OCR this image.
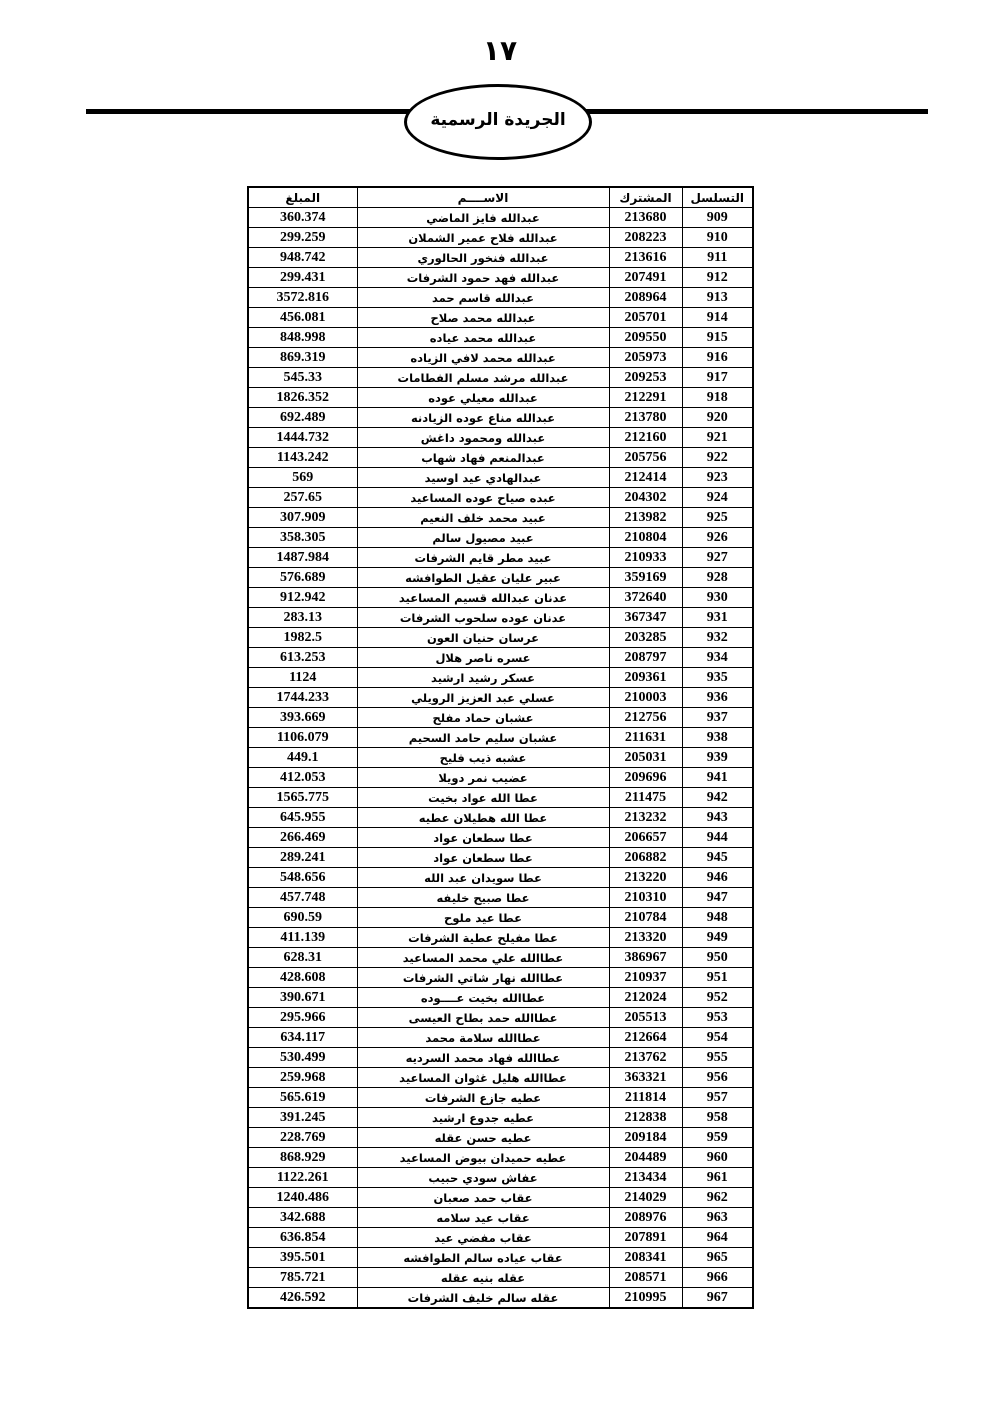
١٧
الجريدة الرسمية
التسلسل	المشترك	الاســــم	المبلغ
909	213680	عبدالله فايز الماضي	360.374
910	208223	عبدالله فلاح عمير الشملان	299.259
911	213616	عبدالله فنخور الحالوري	948.742
912	207491	عبدالله فهد حمود الشرفات	299.431
913	208964	عبدالله قاسم حمد	3572.816
914	205701	عبدالله محمد صلاح	456.081
915	209550	عبدالله محمد عياده	848.998
916	205973	عبدالله محمد لافي الزياده	869.319
917	209253	عبدالله مرشد مسلم الفطامات	545.33
918	212291	عبدالله معيلي عوده	1826.352
920	213780	عبدالله مناع عوده الزيادنه	692.489
921	212160	عبدالله ومحمود داغش	1444.732
922	205756	عبدالمنعم فهاد شهاب	1143.242
923	212414	عبدالهادي عيد اوسيد	569
924	204302	عبده صياح عوده المساعيد	257.65
925	213982	عبيد محمد خلف النعيم	307.909
926	210804	عبيد مصيول سالم	358.305
927	210933	عبيد مطر قايم الشرفات	1487.984
928	359169	عبير عليان عقيل الطوافشه	576.689
930	372640	عدنان عبدالله قسيم المساعيد	912.942
931	367347	عدنان عوده سلحوب الشرفات	283.13
932	203285	عرسان حنيان العون	1982.5
934	208797	عسره ناصر هلال	613.253
935	209361	عسكر رشيد ارشيد	1124
936	210003	عسلي عبد العزيز الرويلي	1744.233
937	212756	عشبان حماد مفلح	393.669
938	211631	عشبان سليم حامد السحيم	1106.079
939	205031	عشبه ذيب فليح	449.1
941	209696	عضيب نمر دويلا	412.053
942	211475	عطا الله عواد بخيت	1565.775
943	213232	عطا الله هطيلان عطيه	645.955
944	206657	عطا سطعان عواد	266.469
945	206882	عطا سطعان عواد	289.241
946	213220	عطا سويدان عبد الله	548.656
947	210310	عطا صبيح خليفه	457.748
948	210784	عطا عيد ملوح	690.59
949	213320	عطا مفيلح عطية الشرفات	411.139
950	386967	عطاالله علي محمد المساعيد	628.31
951	210937	عطاالله نهار شاتي الشرفات	428.608
952	212024	عطاالله بخيت عــــوده	390.671
953	205513	عطاالله حمد بطاح العيسى	295.966
954	212664	عطاالله سلامة محمد	634.117
955	213762	عطاالله فهاد محمد السرديه	530.499
956	363321	عطاالله هليل غثوان المساعيد	259.968
957	211814	عطيه جازع الشرفات	565.619
958	212838	عطيه جدوع ارشيد	391.245
959	209184	عطيه حسن عقله	228.769
960	204489	عطيه حميدان بيوض المساعيد	868.929
961	213434	عفاش سودي حبيب	1122.261
962	214029	عقاب حمد صعبان	1240.486
963	208976	عقاب عيد سلامه	342.688
964	207891	عقاب مفضي عيد	636.854
965	208341	عقاب عياده سالم الطوافشه	395.501
966	208571	عقله بنيه عقله	785.721
967	210995	عقله سالم خليف الشرفات	426.592
